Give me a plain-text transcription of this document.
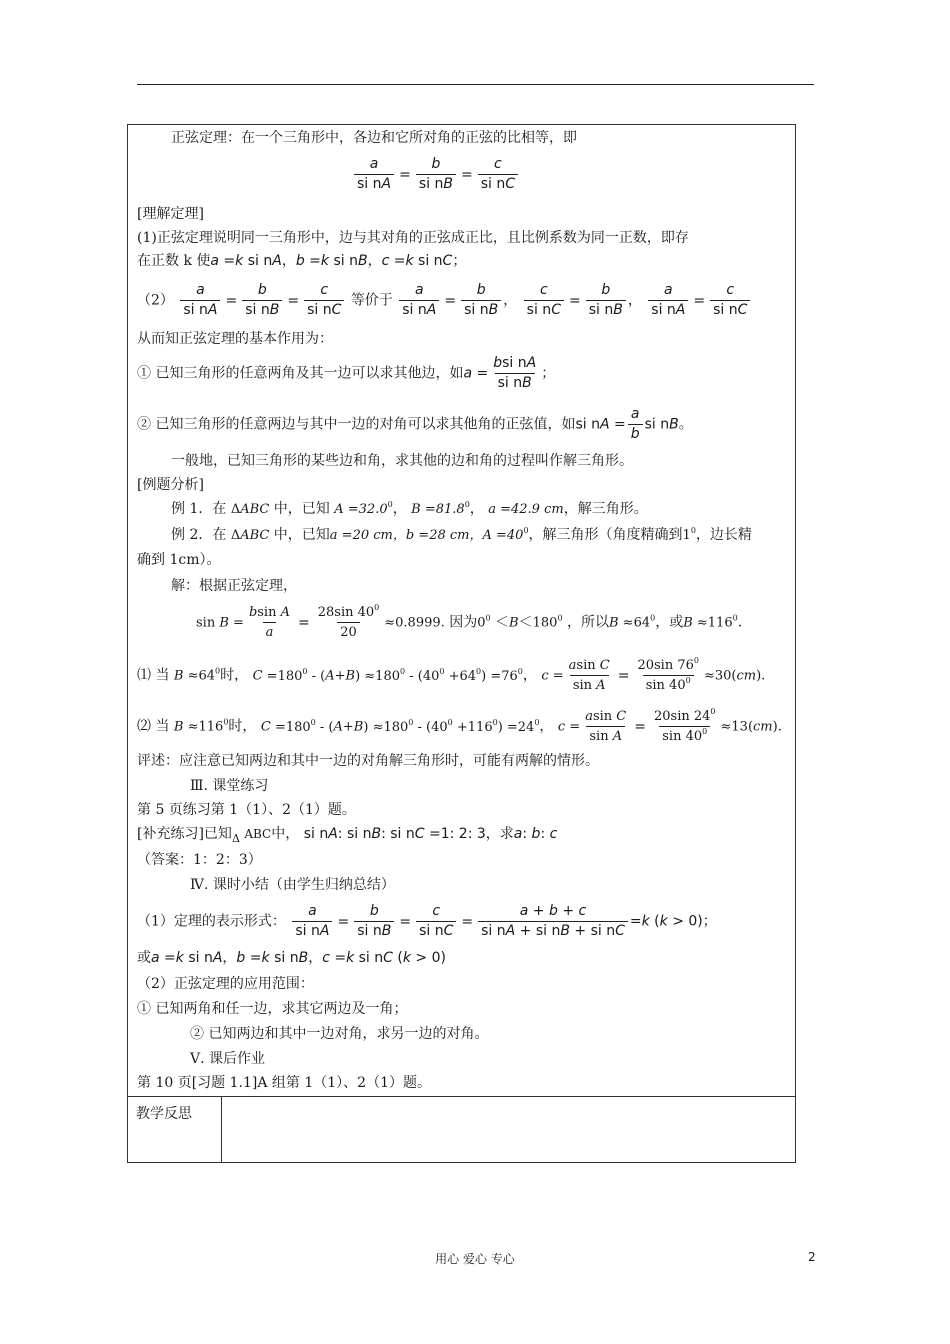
教学反思
正弦定理：在一个三角形中，各边和它所对角的正弦的比相等，即
$\frac{a}{\text{si nA}} = \frac{b}{\text{si nB}} = \frac{c}{\text{si nC}}$
[理解定理]
(1)正弦定理说明同一三角形中，边与其对角的正弦成正比，且比例系数为同一正数，即存
在正数 k 使a =k si nA，b =k si nB，c =k si nC；
$(2) \frac{a}{\text{si nA}} = \frac{b}{\text{si nB}} = \frac{c}{\text{si nC}}$ 等价于 $\frac{a}{\text{si nA}} = \frac{b}{\text{si nB}}$ ， $\frac{c}{\text{si nC}} = \frac{b}{\text{si nB}}$ ， $\frac{a}{\text{si nA}} = \frac{c}{\text{si nC}}$
从而知正弦定理的基本作用为：
① 已知三角形的任意两角及其一边可以求其他边，如$a = \frac{\text{bsi nA}}{\text{si nB}}$ ；
② 已知三角形的任意两边与其中一边的对角可以求其他角的正弦值，如si nA = $\frac{a}{b}$ si nB。
一般地，已知三角形的某些边和角，求其他的边和角的过程叫作解三角形。
[例题分析]
例 1．在 ΔABC 中，已知 $A =32.0^0$， $B =81.8^0$， a =42.9 cm，解三角形。
例 2．在 ΔABC 中，已知a =20 cm，b =28 cm，$A =40^0$，解三角形（角度精确到$1^0$，边长精
确到 1cm）。
解：根据正弦定理，
$\sin B = \frac{\text{bsin A}}{a} = \frac{28\sin 40^0}{20} \approx 0.8999$. 因为$0^0 <B<180^0$ ，所以$B \approx 64^0$，或$B \approx 116^0$.
⑴ 当 $B \approx 64^0$时， $C =180^0 - (A+B) \approx 180^0 - (40^0 +64^0) =76^0$， $c = \frac{\text{asin C}}{\text{sin A}} = \frac{20\sin 76^0}{\sin 40^0} \approx 30(cm)$.
⑵ 当 $B \approx 116^0$时， $C =180^0 - (A+B) \approx 180^0 - (40^0 +116^0) =24^0$， $c = \frac{\text{asin C}}{\text{sin A}} = \frac{20\sin 24^0}{\sin 40^0} \approx 13(cm)$.
评述：应注意已知两边和其中一边的对角解三角形时，可能有两解的情形。
Ⅲ. 课堂练习
第 5 页练习第 1（1）、2（1）题。
[补充练习]已知$_\Delta$ ABC中， si nA: si nB: si nC =1: 2: 3，求a: b: c
（答案：1：2：3）
Ⅳ. 课时小结（由学生归纳总结）
（1）定理的表示形式： $\frac{a}{\text{si nA}} = \frac{b}{\text{si nB}} = \frac{c}{\text{si nC}} = \frac{a + b + c}{\text{si nA + si nB + si nC}} =k$ (k > 0)；
或a =k si nA，b =k si nB，c =k si nC (k > 0)
（2）正弦定理的应用范围：
① 已知两角和任一边，求其它两边及一角；
② 已知两边和其中一边对角，求另一边的对角。
Ⅴ. 课后作业
第 10 页[习题 1.1]A 组第 1（1）、2（1）题。
用心 爱心 专心	2
